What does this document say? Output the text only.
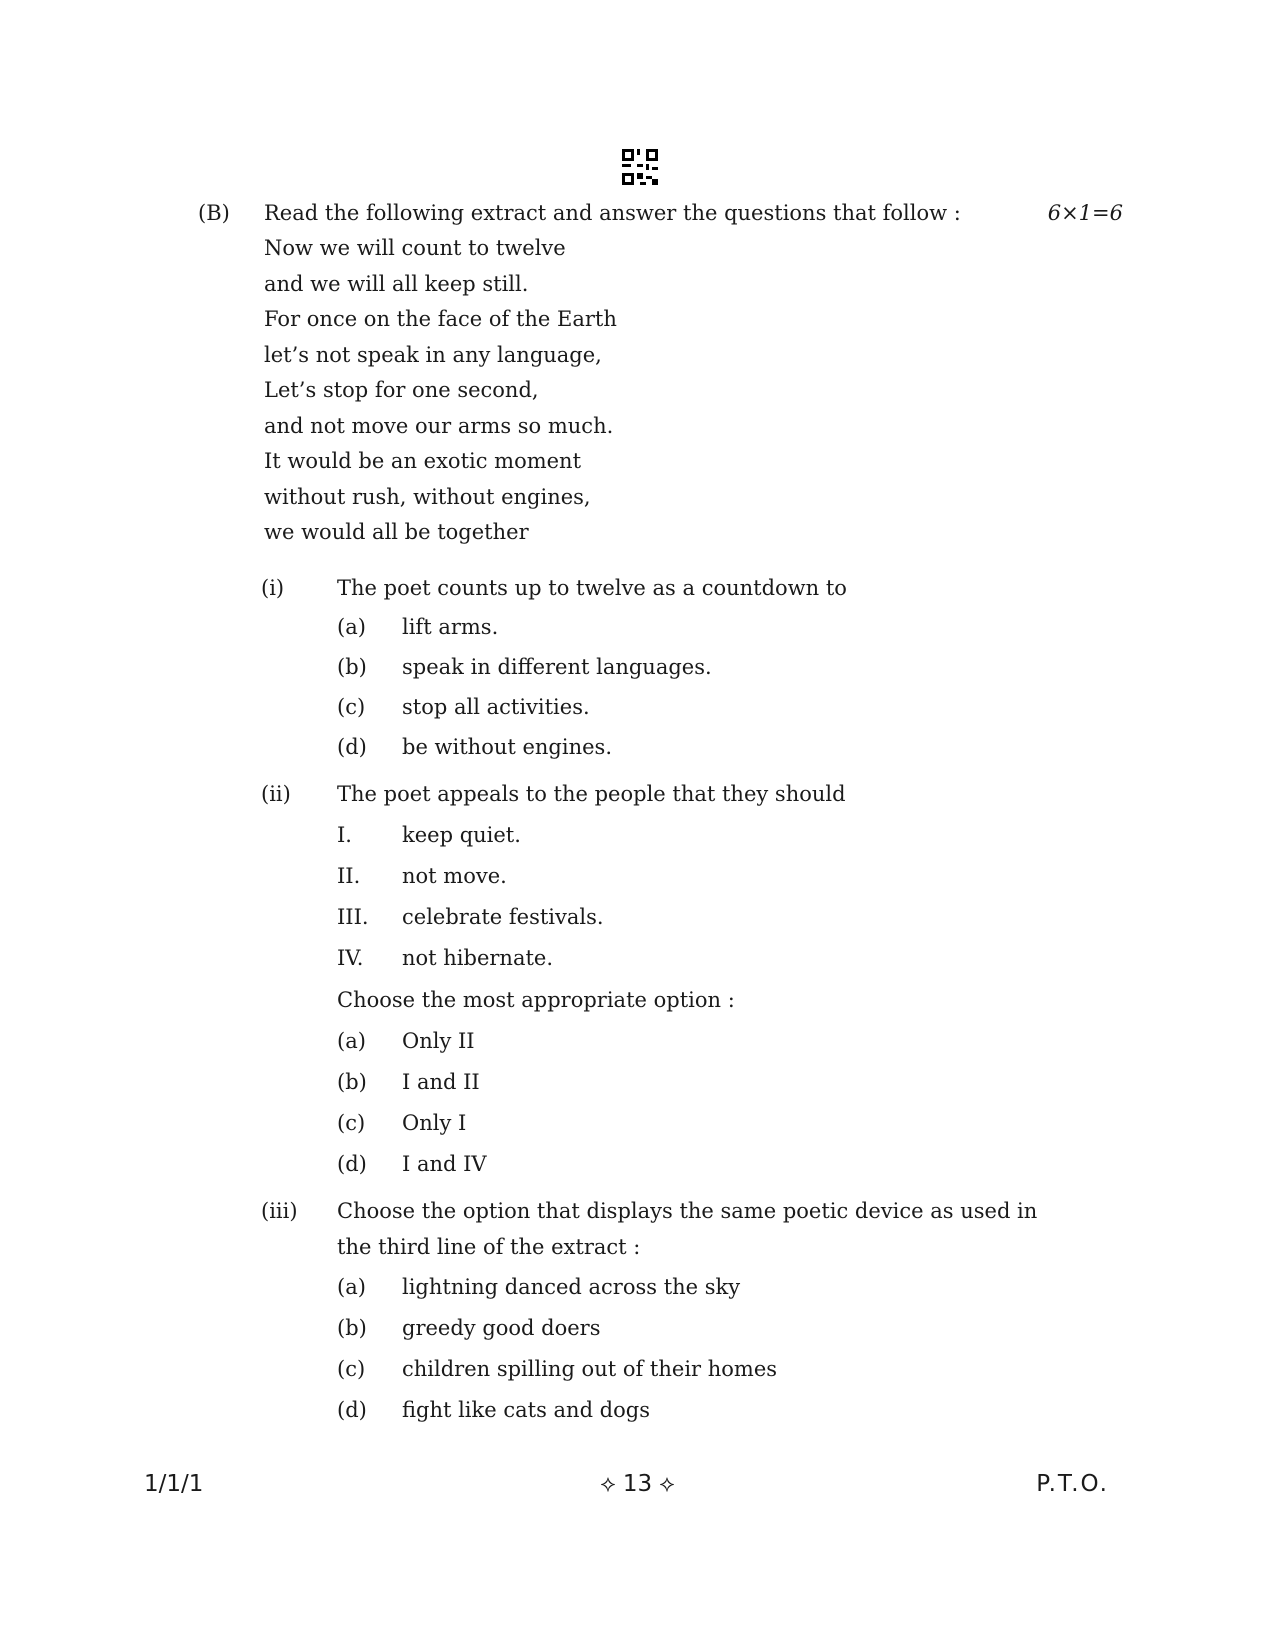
(B) Read the following extract and answer the questions that follow :	6×1=6
Now we will count to twelve
and we will all keep still.
For once on the face of the Earth
let’s not speak in any language,
Let’s stop for one second,
and not move our arms so much.
It would be an exotic moment
without rush, without engines,
we would all be together
(i)	The poet counts up to twelve as a countdown to
(a) lift arms.
(b) speak in different languages.
(c) stop all activities.
(d) be without engines.
(ii) The poet appeals to the people that they should
I. keep quiet.
II. not move.
III. celebrate festivals.
IV. not hibernate.
Choose the most appropriate option :
(a) Only II
(b) I and II
(c) Only I
(d) I and IV
(iii) Choose the option that displays the same poetic device as used in the third line of the extract :
(a) lightning danced across the sky
(b) greedy good doers
(c) children spilling out of their homes
(d) fight like cats and dogs
1/1/1	⟡ 13 ⟡	P.T.O.
